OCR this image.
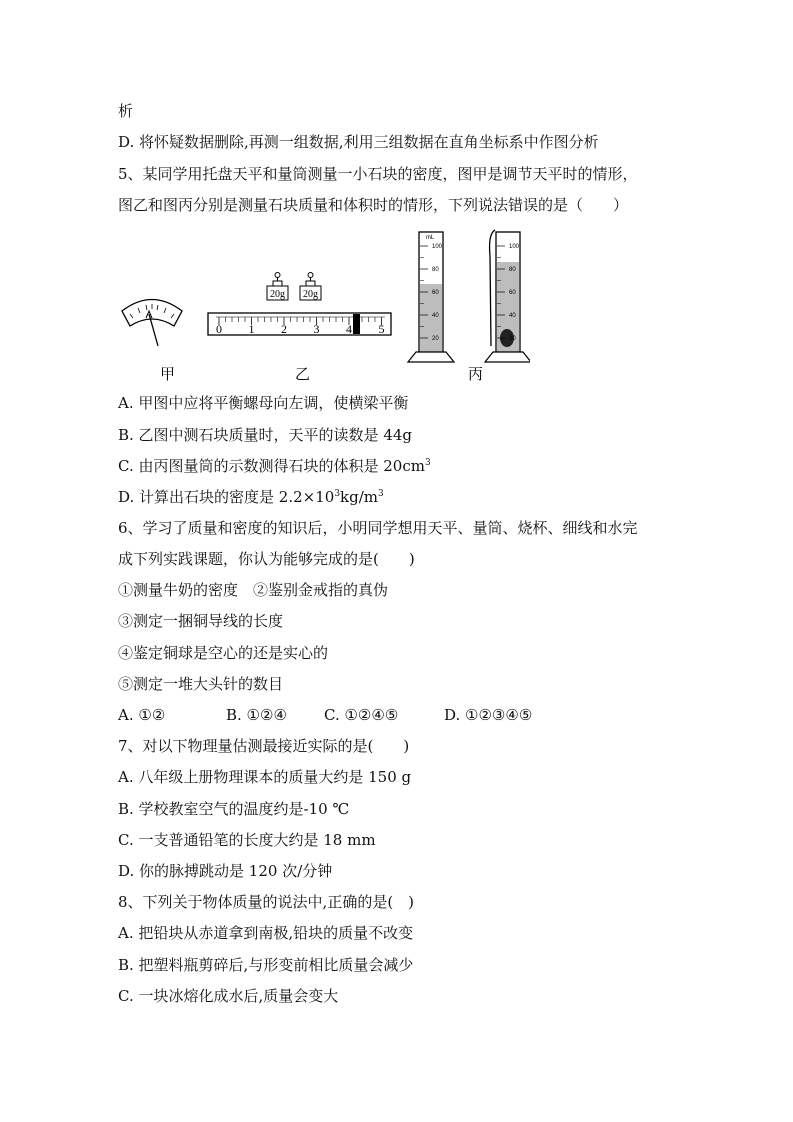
析
D. 将怀疑数据删除,再测一组数据,利用三组数据在直角坐标系中作图分析
5、某同学用托盘天平和量筒测量一小石块的密度，图甲是调节天平时的情形，
图乙和图丙分别是测量石块质量和体积时的情形，下列说法错误的是（　　）
20g 20g
0 1 2 3 4 5
mL
100
80
60
40
20
100
80
60
40
20
甲	乙	丙
A. 甲图中应将平衡螺母向左调，使横梁平衡
B. 乙图中测石块质量时，天平的读数是 44g
C. 由丙图量筒的示数测得石块的体积是 $20cm^3$
D. 计算出石块的密度是 $2.2\times 10^3kg/m^3$
6、学习了质量和密度的知识后，小明同学想用天平、量筒、烧杯、细线和水完
成下列实践课题，你认为能够完成的是(　　)
①测量牛奶的密度　②鉴别金戒指的真伪
③测定一捆铜导线的长度
④鉴定铜球是空心的还是实心的
⑤测定一堆大头针的数目
A. ①②	B. ①②④ C. ①②④⑤	D. ①②③④⑤
7、对以下物理量估测最接近实际的是(　　)
A. 八年级上册物理课本的质量大约是 150 g
B. 学校教室空气的温度约是-10 ℃
C. 一支普通铅笔的长度大约是 18 mm
D. 你的脉搏跳动是 120 次/分钟
8、下列关于物体质量的说法中,正确的是(　)
A. 把铅块从赤道拿到南极,铅块的质量不改变
B. 把塑料瓶剪碎后,与形变前相比质量会减少
C. 一块冰熔化成水后,质量会变大
